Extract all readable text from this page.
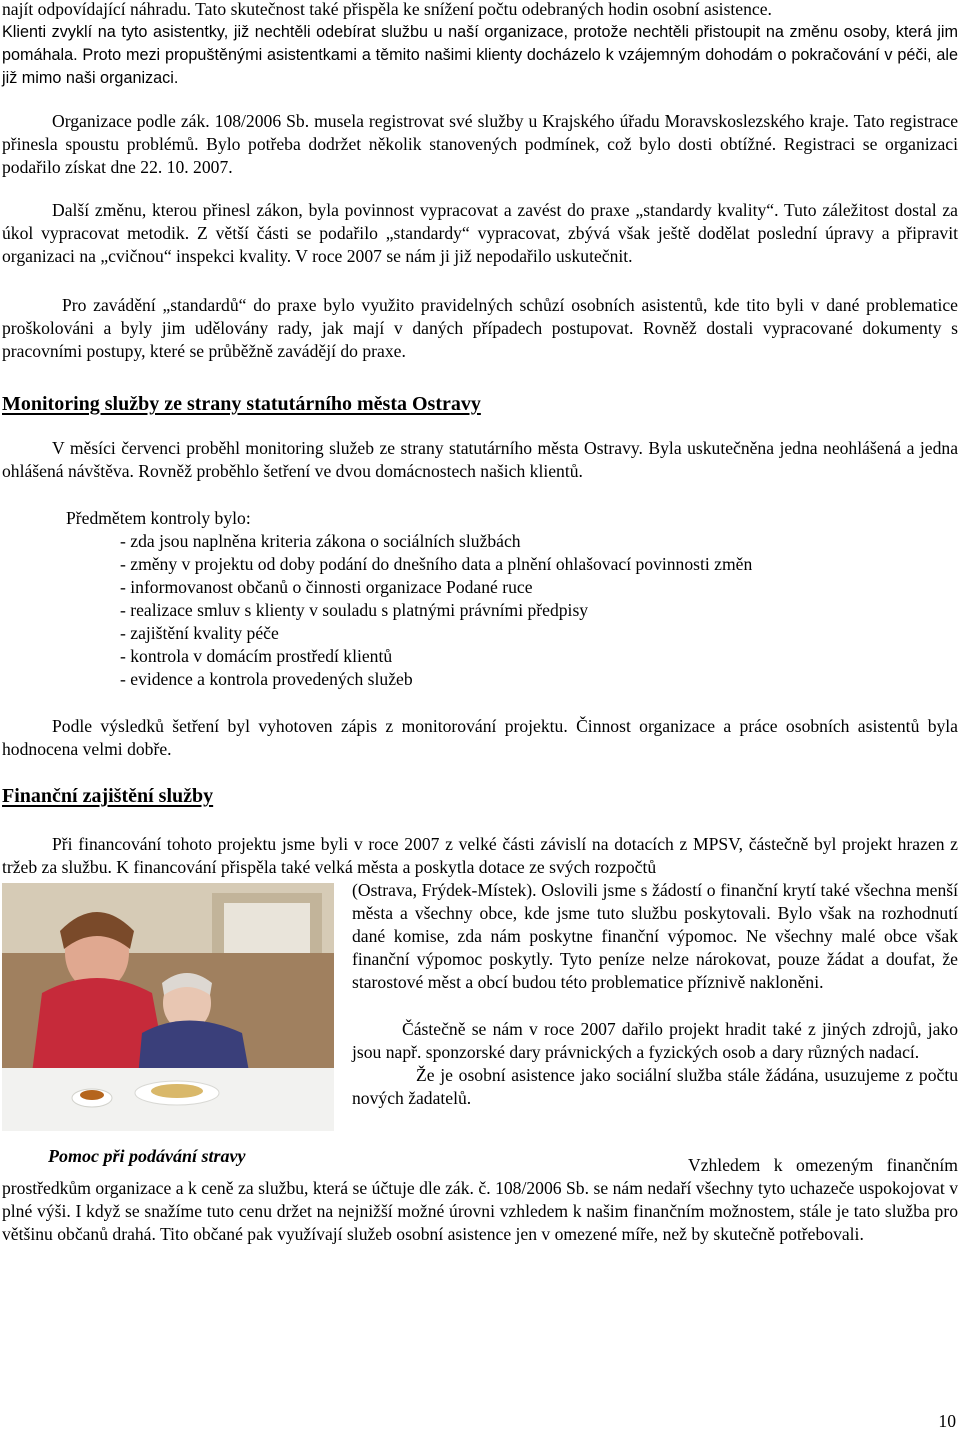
najít odpovídající náhradu. Tato skutečnost také přispěla ke snížení počtu odebraných hodin osobní asistence.

Klienti zvyklí na tyto asistentky, již nechtěli odebírat službu u naší organizace, protože nechtěli přistoupit na změnu osoby, která jim pomáhala. Proto mezi propuštěnými asistentkami a těmito našimi klienty docházelo k vzájemným dohodám o pokračování v péči, ale již mimo naši organizaci.

Organizace podle zák. 108/2006 Sb. musela registrovat své služby u Krajského úřadu Moravskoslezského kraje. Tato registrace přinesla spoustu problémů. Bylo potřeba dodržet několik stanovených podmínek, což bylo dosti obtížné. Registraci se organizaci podařilo získat dne 22. 10. 2007.

Další změnu, kterou přinesl zákon, byla povinnost vypracovat a zavést do praxe „standardy kvality“. Tuto záležitost dostal za úkol vypracovat metodik. Z větší části se podařilo „standardy“ vypracovat, zbývá však ještě dodělat poslední úpravy a připravit organizaci na „cvičnou“ inspekci kvality. V roce 2007 se nám ji již nepodařilo uskutečnit.

Pro zavádění „standardů“ do praxe bylo využito pravidelných schůzí osobních asistentů, kde tito byli v dané problematice proškolováni a byly jim udělovány rady, jak mají v daných případech postupovat. Rovněž dostali vypracované dokumenty s pracovními postupy, které se průběžně zavádějí do praxe.

Monitoring služby ze strany statutárního města Ostravy

V měsíci červenci proběhl monitoring služeb ze strany statutárního města Ostravy. Byla uskutečněna jedna neohlášená a jedna ohlášená návštěva. Rovněž proběhlo šetření ve dvou domácnostech našich klientů.

Předmětem kontroly bylo:

- zda jsou naplněna kriteria zákona o sociálních službách
- změny v projektu od doby podání do dnešního data a plnění ohlašovací povinnosti změn
- informovanost občanů o činnosti organizace Podané ruce
- realizace smluv s klienty v souladu s platnými právními předpisy
- zajištění kvality péče
- kontrola v domácím prostředí klientů
- evidence a kontrola provedených služeb

Podle výsledků šetření byl vyhotoven zápis z monitorování projektu. Činnost organizace a práce osobních asistentů byla hodnocena velmi dobře.

Finanční zajištění služby

Při financování tohoto projektu jsme byli v roce 2007 z velké části závislí na dotacích z MPSV, částečně byl projekt hrazen z tržeb za službu. K financování přispěla také velká města a poskytla dotace ze svých rozpočtů

Pomoc při podávání stravy

(Ostrava, Frýdek-Místek). Oslovili jsme s žádostí o finanční krytí také všechna menší města a všechny obce, kde jsme tuto službu poskytovali. Bylo však na rozhodnutí dané komise, zda nám poskytne finanční výpomoc. Ne všechny malé obce však finanční výpomoc poskytly. Tyto peníze nelze nárokovat, pouze žádat a doufat, že starostové měst a obcí budou této problematice příznivě nakloněni.

Částečně se nám v roce 2007 dařilo projekt hradit také z jiných zdrojů, jako jsou např. sponzorské dary právnických a fyzických osob a dary různých nadací.

Že je osobní asistence jako sociální služba stále žádána, usuzujeme z počtu nových žadatelů.

Vzhledem k omezeným finančním prostředkům organizace a k ceně za službu, která se účtuje dle zák. č. 108/2006 Sb. se nám nedaří všechny tyto uchazeče uspokojovat v plné výši. I když se snažíme tuto cenu držet na nejnižší možné úrovni vzhledem k našim finančním možnostem, stále je tato služba pro většinu občanů drahá. Tito občané pak využívají služeb osobní asistence jen v omezené míře, než by skutečně potřebovali.

10
